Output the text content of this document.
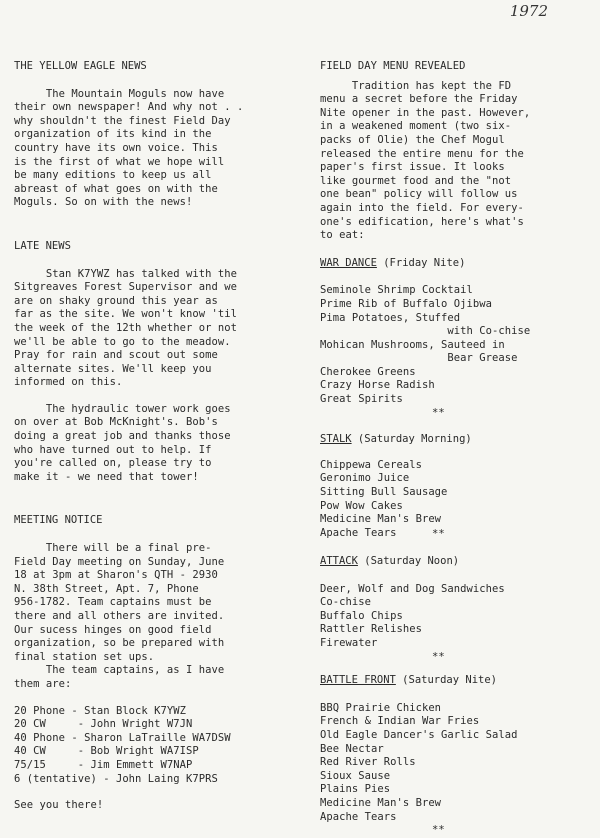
1972

THE YELLOW EAGLE NEWS

The Mountain Moguls now have
their own newspaper! And why not . .
why shouldn't the finest Field Day
organization of its kind in the
country have its own voice. This
is the first of what we hope will
be many editions to keep us all
abreast of what goes on with the
Moguls. So on with the news!

LATE NEWS

Stan K7YWZ has talked with the
Sitgreaves Forest Supervisor and we
are on shaky ground this year as
far as the site. We won't know 'til
the week of the 12th whether or not
we'll be able to go to the meadow.
Pray for rain and scout out some
alternate sites. We'll keep you
informed on this.

The hydraulic tower work goes
on over at Bob McKnight's. Bob's
doing a great job and thanks those
who have turned out to help. If
you're called on, please try to
make it - we need that tower!

MEETING NOTICE

There will be a final pre-
Field Day meeting on Sunday, June
18 at 3pm at Sharon's QTH - 2930
N. 38th Street, Apt. 7, Phone
956-1782. Team captains must be
there and all others are invited.
Our sucess hinges on good field
organization, so be prepared with
final station set ups.
The team captains, as I have
them are:

20 Phone - Stan Block K7YWZ

20 CW     - John Wright W7JN

40 Phone - Sharon LaTraille WA7DSW

40 CW     - Bob Wright WA7ISP

75/15     - Jim Emmett W7NAP

6 (tentative) - John Laing K7PRS

See you there!

FIELD DAY MENU REVEALED

Tradition has kept the FD
menu a secret before the Friday
Nite opener in the past. However,
in a weakened moment (two six-
packs of Olie) the Chef Mogul
released the entire menu for the
paper's first issue. It looks
like gourmet food and the "not
one bean" policy will follow us
again into the field. For every-
one's edification, here's what's
to eat:

WAR DANCE (Friday Nite)

Seminole Shrimp Cocktail
Prime Rib of Buffalo Ojibwa
Pima Potatoes, Stuffed
with Co-chise
Mohican Mushrooms, Sauteed in
Bear Grease
Cherokee Greens
Crazy Horse Radish
Great Spirits

**

STALK (Saturday Morning)

Chippewa Cereals
Geronimo Juice
Sitting Bull Sausage
Pow Wow Cakes
Medicine Man's Brew
Apache Tears	**

ATTACK (Saturday Noon)

Deer, Wolf and Dog Sandwiches
Co-chise
Buffalo Chips
Rattler Relishes
Firewater

**

BATTLE FRONT (Saturday Nite)

BBQ Prairie Chicken
French & Indian War Fries
Old Eagle Dancer's Garlic Salad
Bee Nectar
Red River Rolls
Sioux Sause
Plains Pies
Medicine Man's Brew
Apache Tears

**
